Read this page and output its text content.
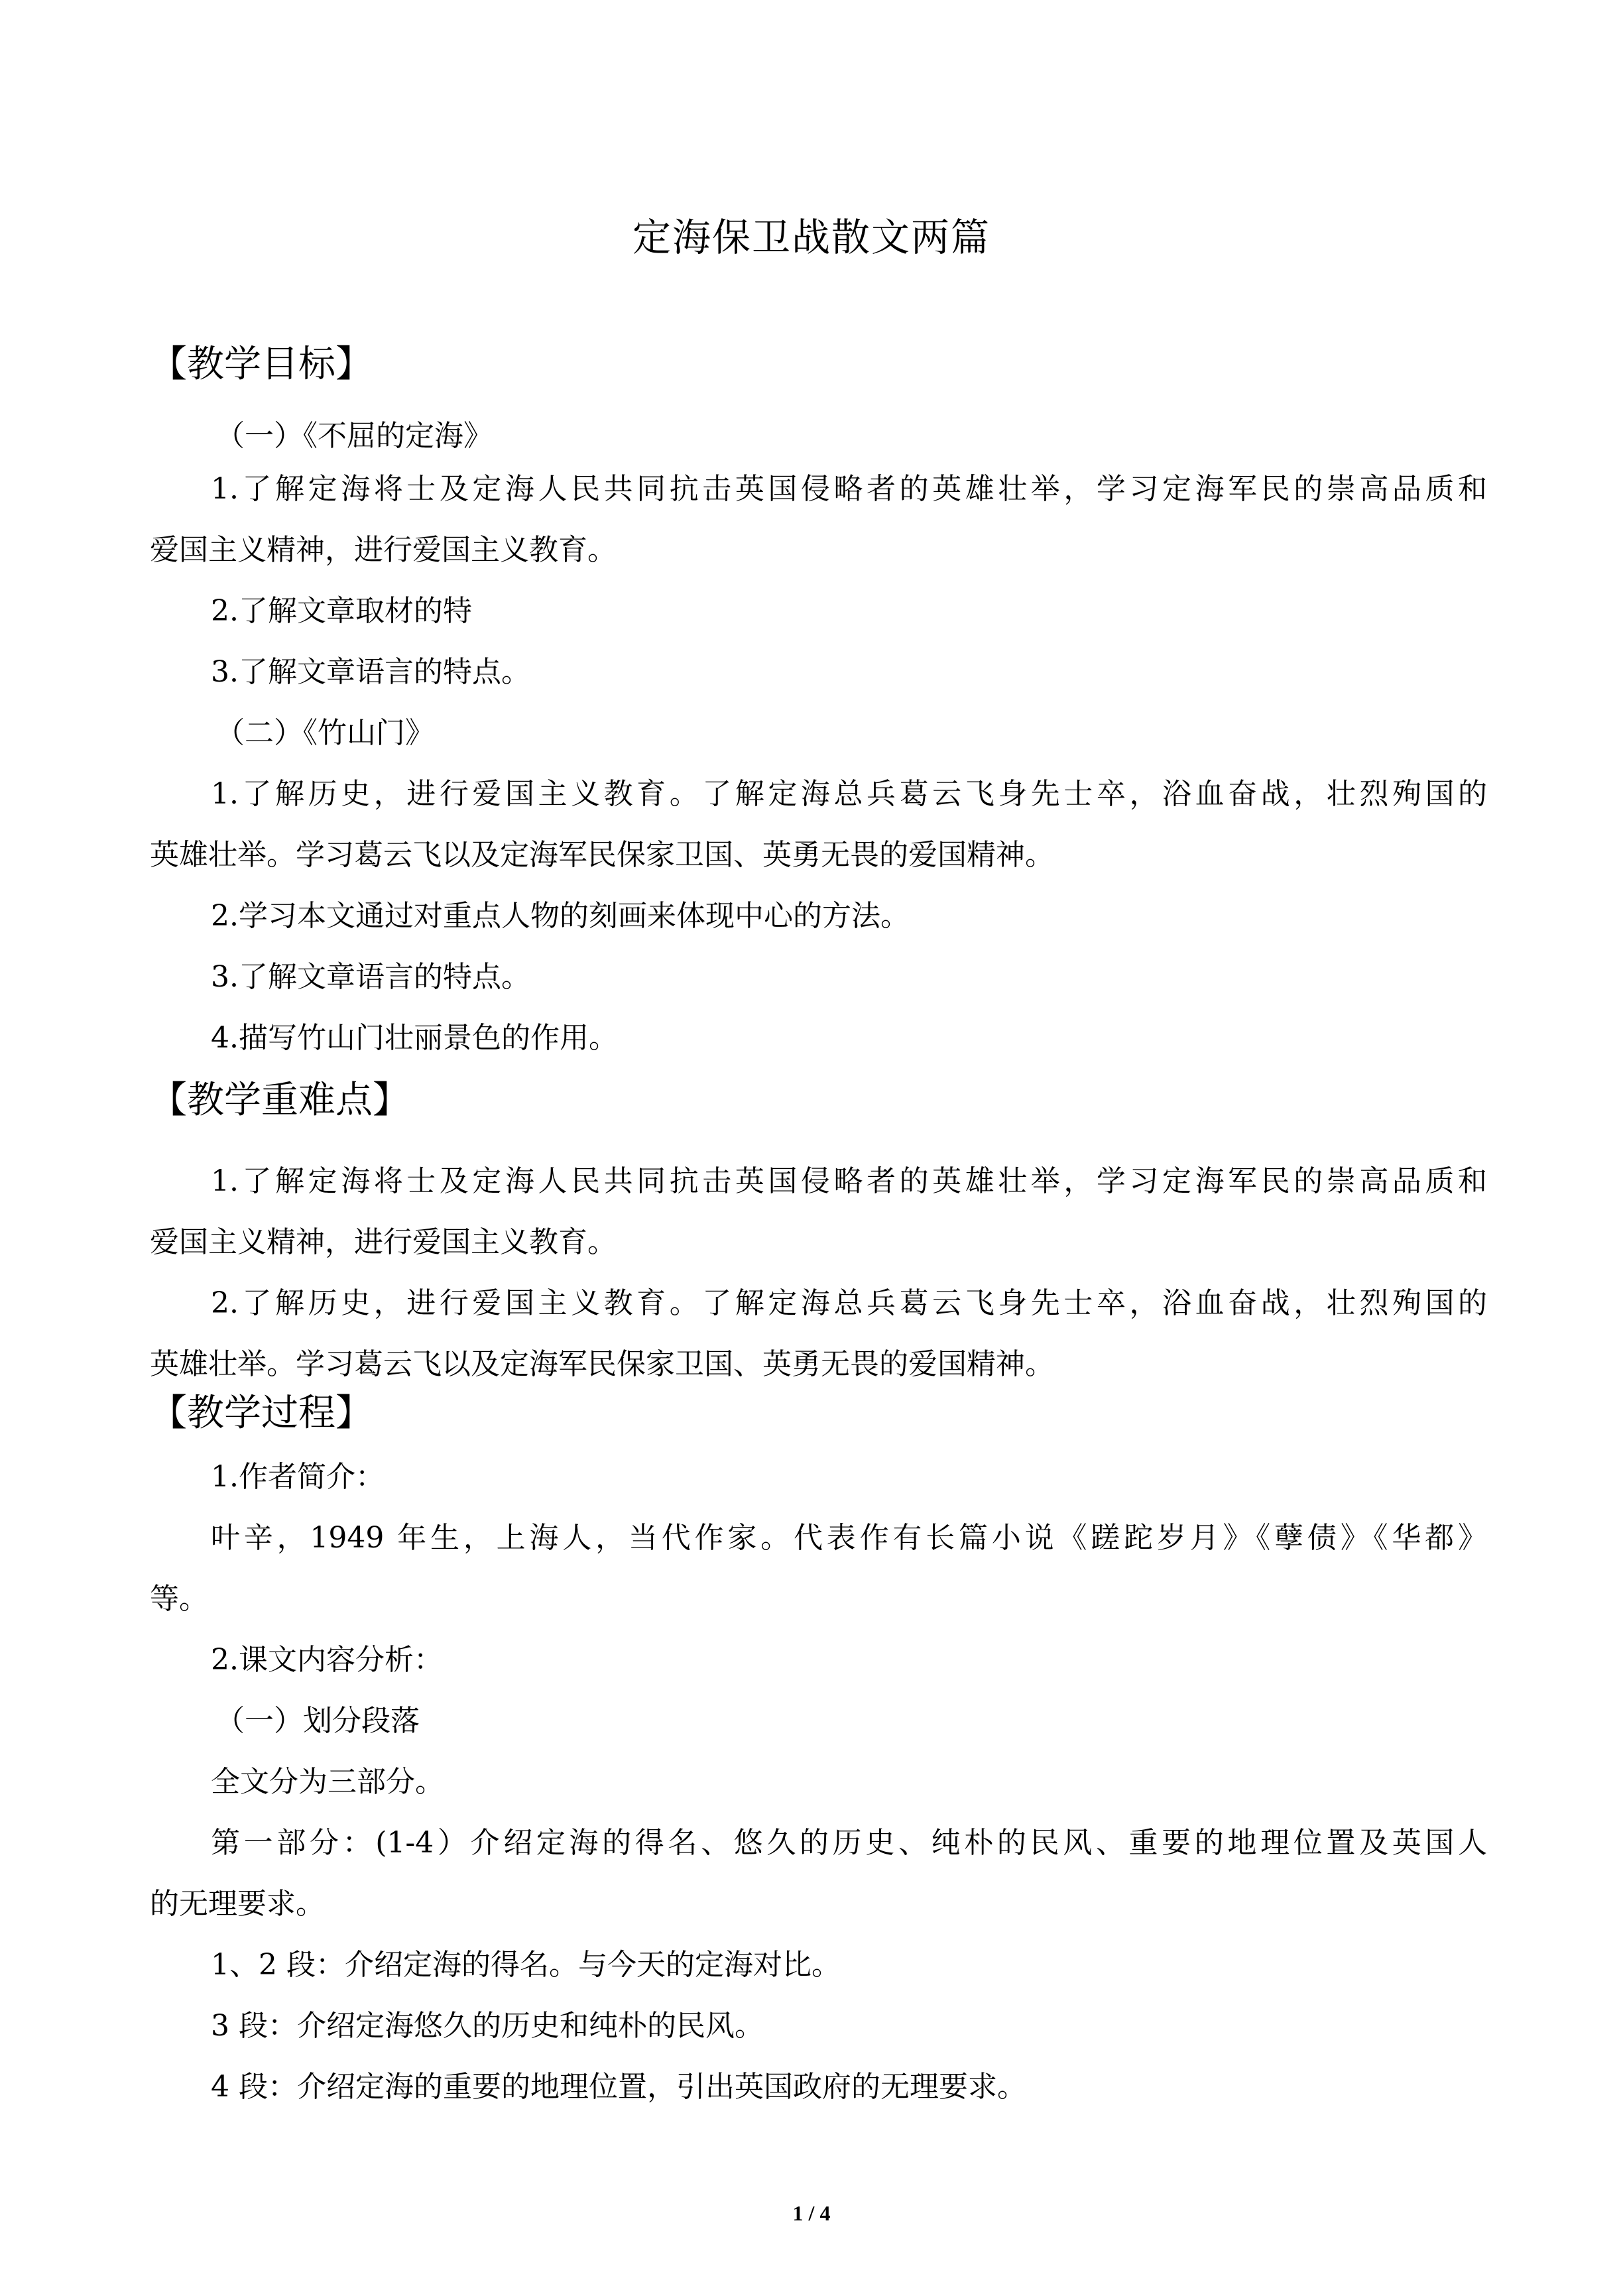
定海保卫战散文两篇
【教学目标】
（一）《不屈的定海》
1.了解定海将士及定海人民共同抗击英国侵略者的英雄壮举，学习定海军民的崇高品质和
爱国主义精神，进行爱国主义教育。
2.了解文章取材的特
3.了解文章语言的特点。
（二）《竹山门》
1.了解历史，进行爱国主义教育。了解定海总兵葛云飞身先士卒，浴血奋战，壮烈殉国的
英雄壮举。学习葛云飞以及定海军民保家卫国、英勇无畏的爱国精神。
2.学习本文通过对重点人物的刻画来体现中心的方法。
3.了解文章语言的特点。
4.描写竹山门壮丽景色的作用。
【教学重难点】
1.了解定海将士及定海人民共同抗击英国侵略者的英雄壮举，学习定海军民的崇高品质和
爱国主义精神，进行爱国主义教育。
2.了解历史，进行爱国主义教育。了解定海总兵葛云飞身先士卒，浴血奋战，壮烈殉国的
英雄壮举。学习葛云飞以及定海军民保家卫国、英勇无畏的爱国精神。
【教学过程】
1.作者简介：
叶辛，1949 年生，上海人，当代作家。代表作有长篇小说《蹉跎岁月》《孽债》《华都》
等。
2.课文内容分析：
（一）划分段落
全文分为三部分。
第一部分：(1-4）介绍定海的得名、悠久的历史、纯朴的民风、重要的地理位置及英国人
的无理要求。
1、2 段：介绍定海的得名。与今天的定海对比。
3 段：介绍定海悠久的历史和纯朴的民风。
4 段：介绍定海的重要的地理位置，引出英国政府的无理要求。
1 / 4
